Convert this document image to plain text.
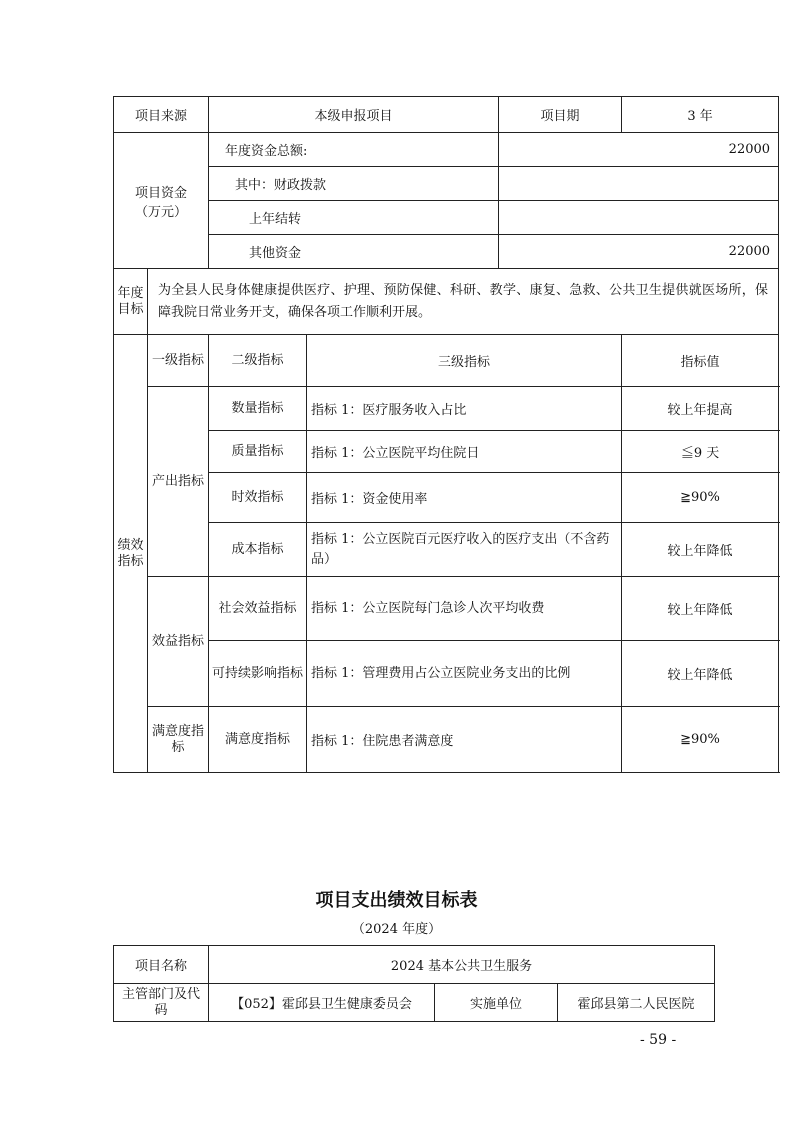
项目来源		本级申报项目		项目期	3 年

项目资金
（万元）		年度资金总额:		22000	
		其中：财政拨款			
		上年结转			
		其他资金		22000	
年度目标	为全县人民身体健康提供医疗、护理、预防保健、科研、教学、康复、急救、公共卫生提供就医场所，保障我院日常业务开支，确保各项工作顺利开展。				
绩效指标	一级指标	二级指标	三级指标		指标值
	产出指标	数量指标	指标 1：医疗服务收入占比		较上年提高
		质量指标	指标 1：公立医院平均住院日		≦9 天
		时效指标	指标 1：资金使用率		≧90%
		成本指标	指标 1：公立医院百元医疗收入的医疗支出（不含药品）		较上年降低
	效益指标	社会效益指标	指标 1：公立医院每门急诊人次平均收费		较上年降低
		可持续影响指标	指标 1：管理费用占公立医院业务支出的比例		较上年降低
	满意度指标	满意度指标	指标 1：住院患者满意度		≧90%
项目支出绩效目标表
（2024 年度）
项目名称	2024 基本公共卫生服务		
主管部门及代码	【052】霍邱县卫生健康委员会	实施单位	霍邱县第二人民医院
- 59 -
